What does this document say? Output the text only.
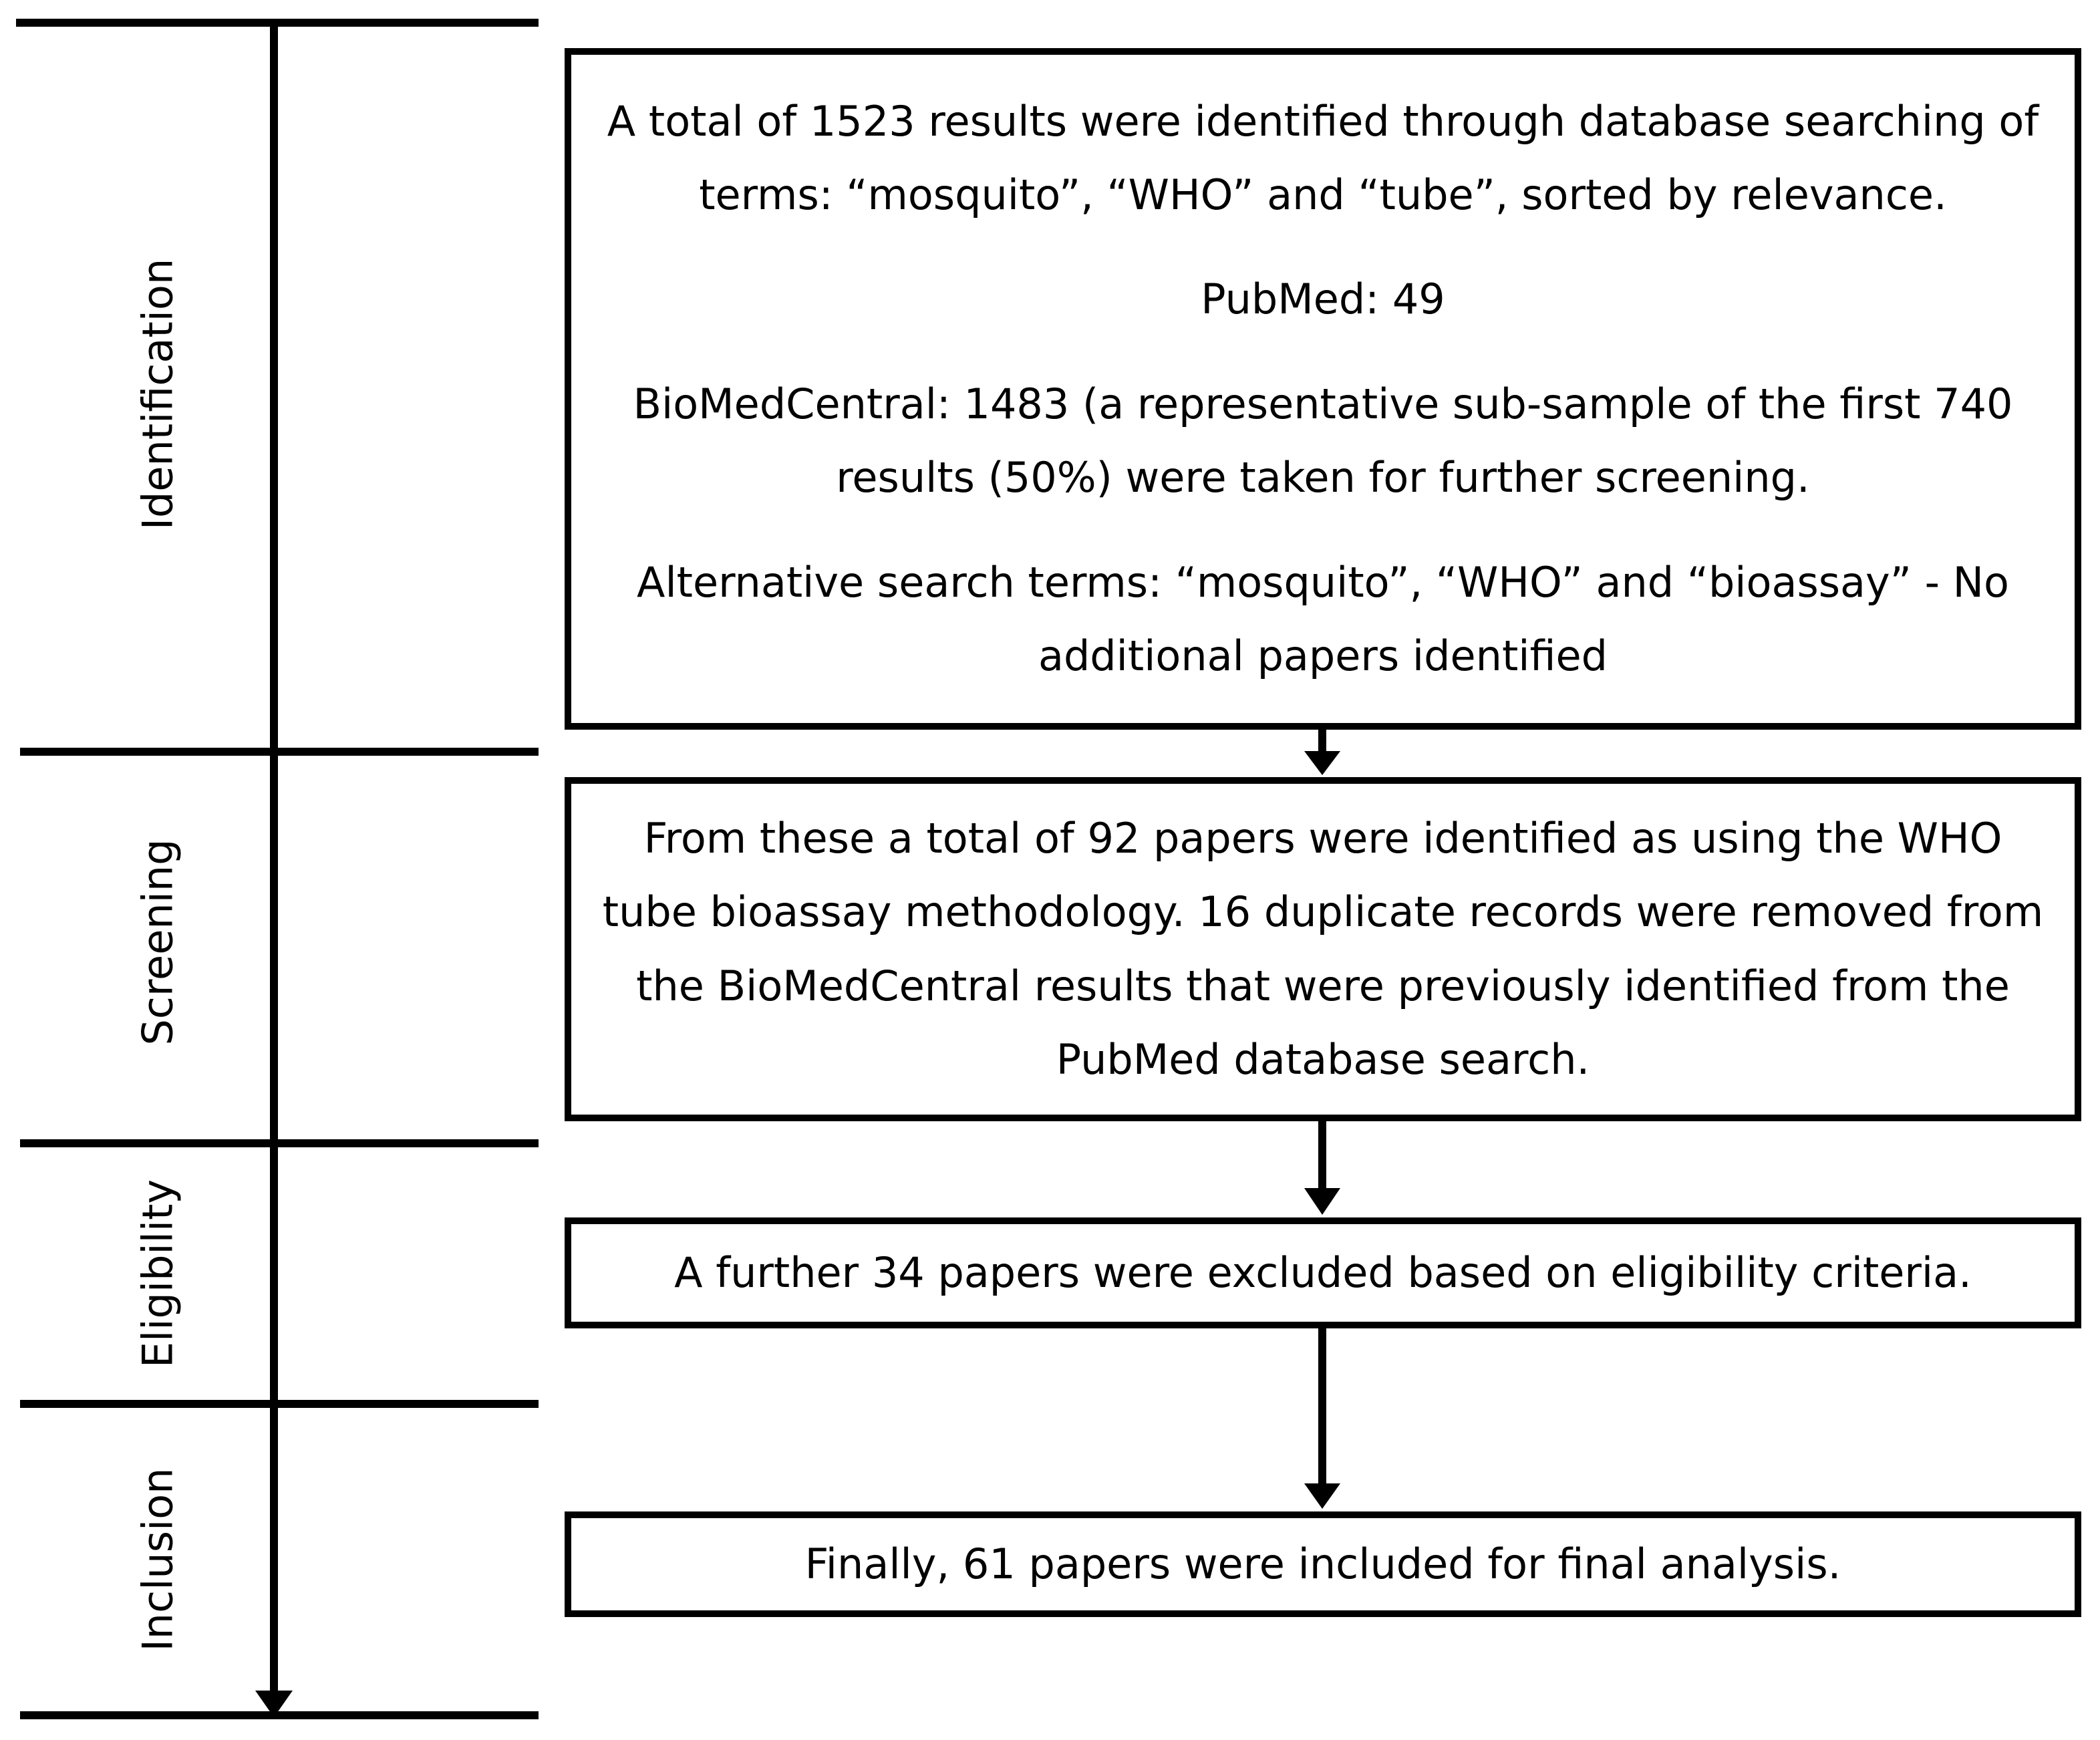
Identification
Screening
Eligibility
Inclusion

A total of 1523 results were identified through database searching of terms: “mosquito”, “WHO” and “tube”, sorted by relevance.

PubMed: 49

BioMedCentral: 1483 (a representative sub-sample of the first 740 results (50%) were taken for further screening.

Alternative search terms: “mosquito”, “WHO” and “bioassay” - No additional papers identified

From these a total of 92 papers were identified as using the WHO tube bioassay methodology. 16 duplicate records were removed from the BioMedCentral results that were previously identified from the PubMed database search.

A further 34 papers were excluded based on eligibility criteria.

Finally, 61 papers were included for final analysis.
